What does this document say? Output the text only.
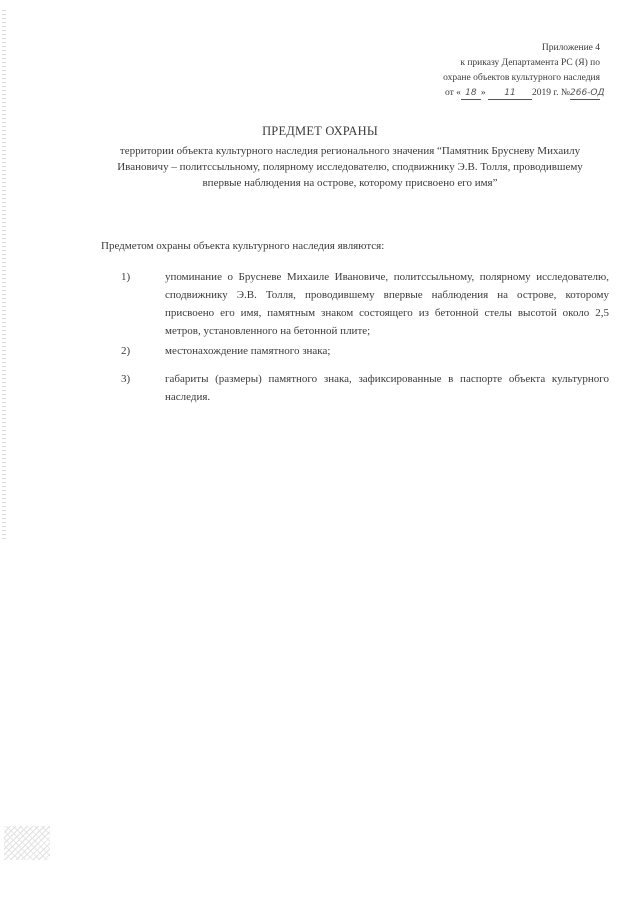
Приложение 4
к приказу Департамента РС (Я) по
охране объектов культурного наследия
от « 18 »
	11	2019 г. № 266-ОД
ПРЕДМЕТ ОХРАНЫ
территории объекта культурного наследия регионального значения “Памятник Брусневу Михаилу Ивановичу – политссыльному, полярному исследователю, сподвижнику Э.В. Толля, проводившему впервые наблюдения на острове, которому присвоено его имя”
Предметом охраны объекта культурного наследия являются:
1)	упоминание о Брусневе Михаиле Ивановиче, политссыльному, полярному исследователю, сподвижнику Э.В. Толля, проводившему впервые наблюдения на острове, которому присвоено его имя, памятным знаком состоящего из бетонной стелы высотой около 2,5 метров, установленного на бетонной плите;
2)	местонахождение памятного знака;
3)	габариты (размеры) памятного знака, зафиксированные в паспорте объекта культурного наследия.
